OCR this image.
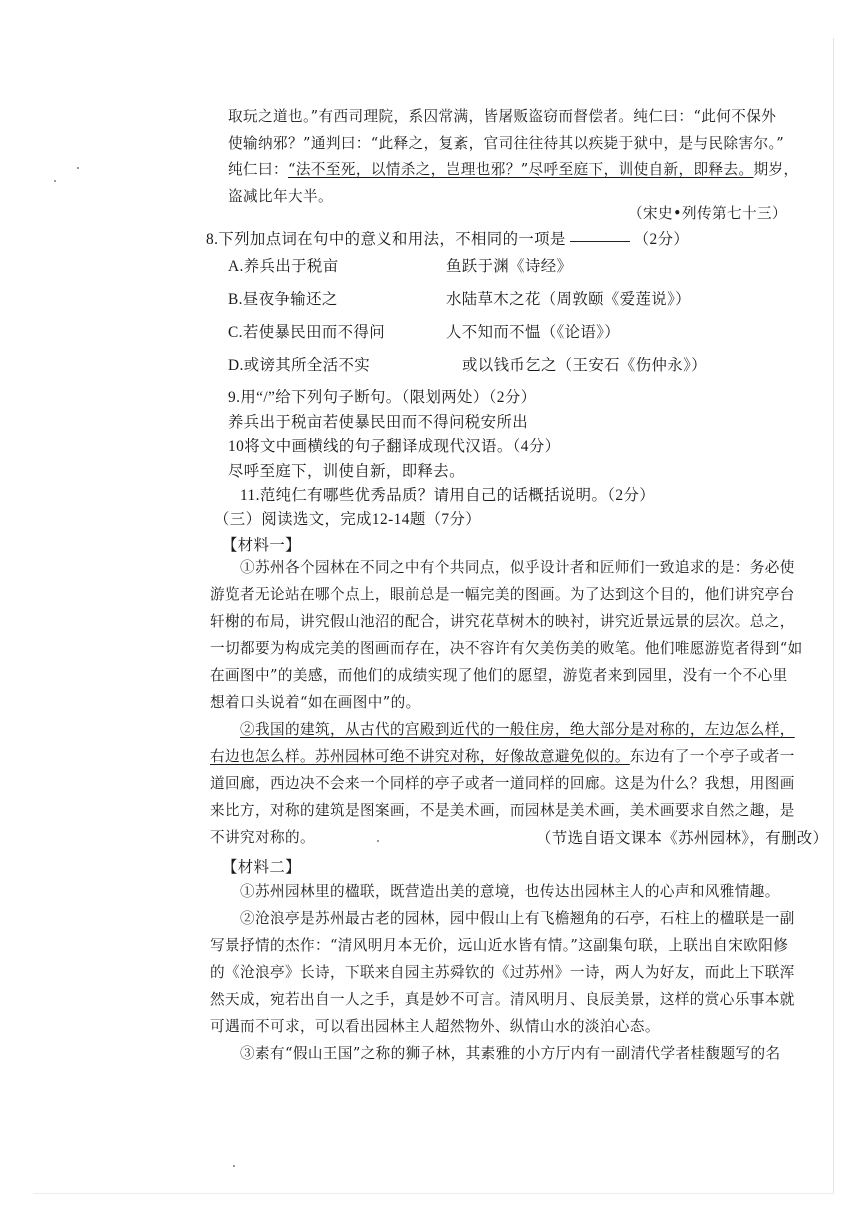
取玩之道也。”有西司理院，系囚常满，皆屠贩盗窃而督偿者。纯仁曰：“此何不保外
使输纳邪？”通判曰：“此释之，复紊，官司往往待其以疾毙于狱中，是与民除害尔。”
纯仁曰：“法不至死，以情杀之，岂理也邪？”尽呼至庭下，训使自新，即释去。期岁，
盗减比年大半。
（宋史•列传第七十三）
8.下列加点词在句中的意义和用法，不相同的一项是	（2分）
A.养兵出于税亩	鱼跃于渊《诗经》
B.昼夜争输还之	水陆草木之花（周敦颐《爱莲说》）
C.若使暴民田而不得问	人不知而不愠（《论语》）
D.或谤其所全活不实	或以钱币乞之（王安石《伤仲永》）
9.用“/”给下列句子断句。（限划两处）（2分）
养兵出于税亩若使暴民田而不得问税安所出
10将文中画横线的句子翻译成现代汉语。（4分）
尽呼至庭下，训使自新，即释去。
11.范纯仁有哪些优秀品质？请用自己的话概括说明。（2分）
（三）阅读选文，完成12-14题（7分）
【材料一】
①苏州各个园林在不同之中有个共同点，似乎设计者和匠师们一致追求的是：务必使
游览者无论站在哪个点上，眼前总是一幅完美的图画。为了达到这个目的，他们讲究亭台
轩榭的布局，讲究假山池沼的配合，讲究花草树木的映衬，讲究近景远景的层次。总之，
一切都要为构成完美的图画而存在，决不容许有欠美伤美的败笔。他们唯愿游览者得到“如
在画图中”的美感，而他们的成绩实现了他们的愿望，游览者来到园里，没有一个不心里
想着口头说着“如在画图中”的。
②我国的建筑，从古代的宫殿到近代的一般住房，绝大部分是对称的，左边怎么样，
右边也怎么样。苏州园林可绝不讲究对称，好像故意避免似的。东边有了一个亭子或者一
道回廊，西边决不会来一个同样的亭子或者一道同样的回廊。这是为什么？我想，用图画
来比方，对称的建筑是图案画，不是美术画，而园林是美术画，美术画要求自然之趣，是
不讲究对称的。	（节选自语文课本《苏州园林》，有删改）
【材料二】
①苏州园林里的楹联，既营造出美的意境，也传达出园林主人的心声和风雅情趣。
②沧浪亭是苏州最古老的园林，园中假山上有飞檐翘角的石亭，石柱上的楹联是一副
写景抒情的杰作：“清风明月本无价，远山近水皆有情。”这副集句联，上联出自宋欧阳修
的《沧浪亭》长诗，下联来自园主苏舜钦的《过苏州》一诗，两人为好友，而此上下联浑
然天成，宛若出自一人之手，真是妙不可言。清风明月、良辰美景，这样的赏心乐事本就
可遇而不可求，可以看出园林主人超然物外、纵情山水的淡泊心态。
③素有“假山王国”之称的狮子林，其素雅的小方厅内有一副清代学者桂馥题写的名
